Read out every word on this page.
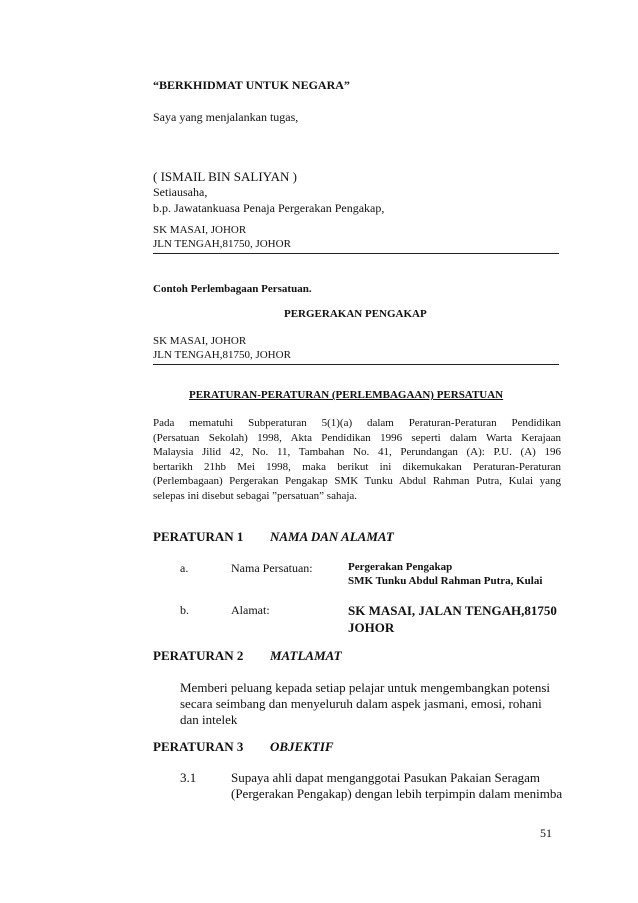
“BERKHIDMAT UNTUK NEGARA”
Saya yang menjalankan tugas,
( ISMAIL BIN SALIYAN )
Setiausaha,
b.p. Jawatankuasa Penaja Pergerakan Pengakap,
SK MASAI, JOHOR
JLN TENGAH,81750, JOHOR
Contoh Perlembagaan Persatuan.
PERGERAKAN PENGAKAP
SK MASAI, JOHOR
JLN TENGAH,81750, JOHOR
PERATURAN-PERATURAN (PERLEMBAGAAN) PERSATUAN
Pada mematuhi Subperaturan 5(1)(a) dalam Peraturan-Peraturan Pendidikan
(Persatuan Sekolah) 1998, Akta Pendidikan 1996 seperti dalam Warta Kerajaan
Malaysia Jilid 42, No. 11, Tambahan No. 41, Perundangan (A): P.U. (A) 196
bertarikh 21hb Mei 1998, maka berikut ini dikemukakan Peraturan-Peraturan
(Perlembagaan) Pergerakan Pengakap SMK Tunku Abdul Rahman Putra, Kulai yang
selepas ini disebut sebagai ”persatuan” sahaja.
PERATURAN 1 NAMA DAN ALAMAT
a.	Nama Persatuan:	Pergerakan Pengakap
SMK Tunku Abdul Rahman Putra, Kulai
b.	Alamat:	SK MASAI, JALAN TENGAH,81750
JOHOR
PERATURAN 2 MATLAMAT
Memberi peluang kepada setiap pelajar untuk mengembangkan potensi
secara seimbang dan menyeluruh dalam aspek jasmani, emosi, rohani
dan intelek
PERATURAN 3 OBJEKTIF
3.1	Supaya ahli dapat menganggotai Pasukan Pakaian Seragam
(Pergerakan Pengakap) dengan lebih terpimpin dalam menimba
51
